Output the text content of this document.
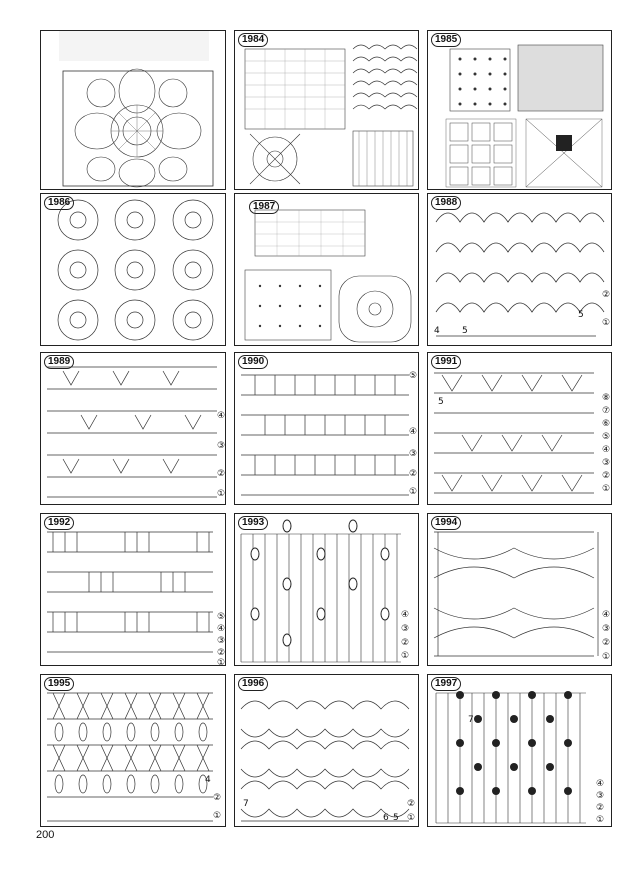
1984	1985
1986	1987	1988
②
①
4 5
5
1989
④
③
②
①
1990
⑤
④
③
②
①
1991
⑧
⑦
⑥
⑤
④
③
②
①
5
1992
⑤
④
③
②
①
1993
④
③
②
①
1994
④
③
②
①
1995
4
②
①
1996
②
①
7
6 5
1997
7
④
③
②
①
200
